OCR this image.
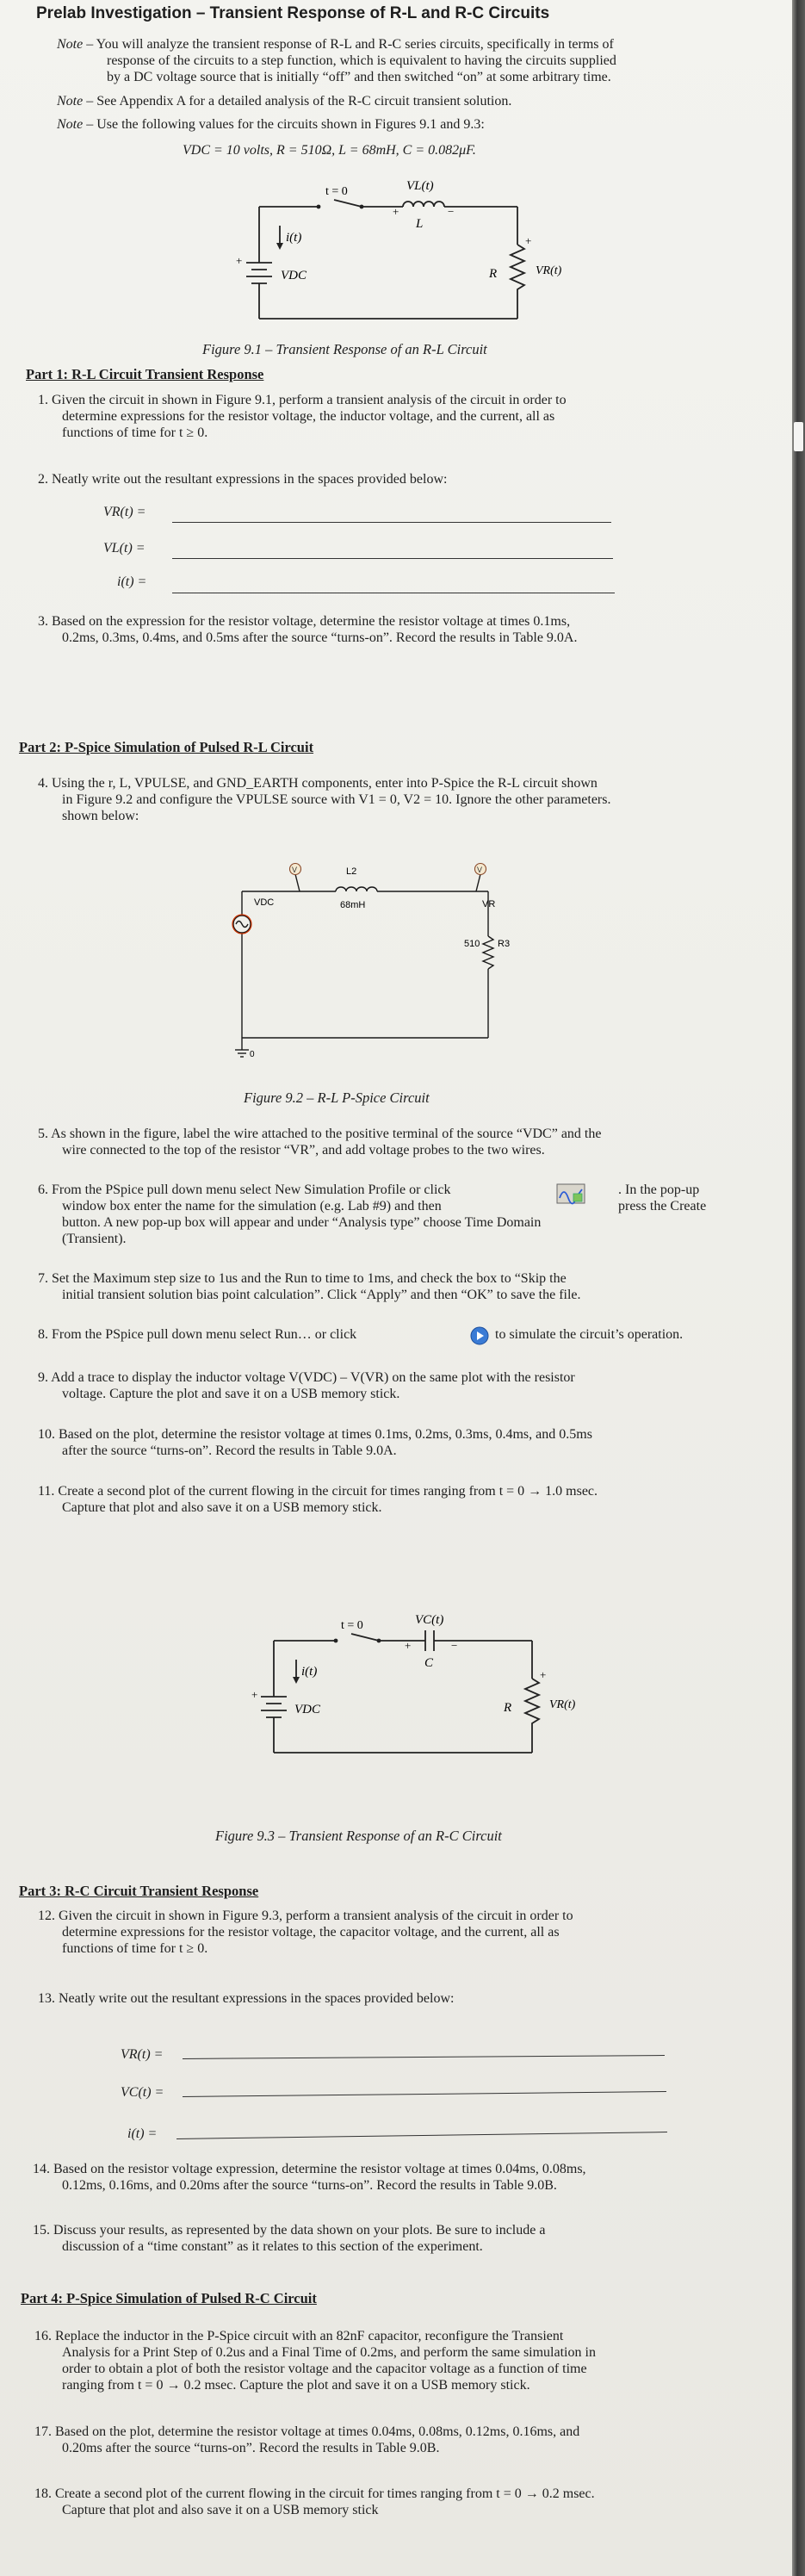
Prelab Investigation – Transient Response of R-L and R-C Circuits

Note – You will analyze the transient response of R-L and R-C series circuits, specifically in terms of

response of the circuits to a step function, which is equivalent to having the circuits supplied

by a DC voltage source that is initially “off” and then switched “on” at some arbitrary time.

Note – See Appendix A for a detailed analysis of the R-C circuit transient solution.

Note – Use the following values for the circuits shown in Figures 9.1 and 9.3:

VDC = 10 volts, R = 510Ω, L = 68mH, C = 0.082μF.

t = 0	VL(t)
+	−
L
i(t)
+
VDC	R
+
VR(t)

Figure 9.1 – Transient Response of an R-L Circuit

Part 1: R-L Circuit Transient Response

1. Given the circuit in shown in Figure 9.1, perform a transient analysis of the circuit in order to

determine expressions for the resistor voltage, the inductor voltage, and the current, all as

functions of time for t ≥ 0.

2. Neatly write out the resultant expressions in the spaces provided below:

VR(t) =

VL(t) =

i(t) =

3. Based on the expression for the resistor voltage, determine the resistor voltage at times 0.1ms,

0.2ms, 0.3ms, 0.4ms, and 0.5ms after the source “turns-on”. Record the results in Table 9.0A.

Part 2: P-Spice Simulation of Pulsed R-L Circuit

4. Using the r, L, VPULSE, and GND_EARTH components, enter into P-Spice the R-L circuit shown

in Figure 9.2 and configure the VPULSE source with V1 = 0, V2 = 10. Ignore the other parameters.

shown below:

V	V
VDC
L2
68mH	VR
510 R3
0

Figure 9.2 – R-L P-Spice Circuit

5. As shown in the figure, label the wire attached to the positive terminal of the source “VDC” and the

wire connected to the top of the resistor “VR”, and add voltage probes to the two wires.

6. From the PSpice pull down menu select New Simulation Profile or click	. In the pop-up

window box enter the name for the simulation (e.g. Lab #9) and then	press the Create

button. A new pop-up box will appear and under “Analysis type” choose Time Domain

(Transient).

7. Set the Maximum step size to 1us and the Run to time to 1ms, and check the box to “Skip the

initial transient solution bias point calculation”. Click “Apply” and then “OK” to save the file.

8. From the PSpice pull down menu select Run… or click	to simulate the circuit’s operation.

9. Add a trace to display the inductor voltage V(VDC) – V(VR) on the same plot with the resistor

voltage. Capture the plot and save it on a USB memory stick.

10. Based on the plot, determine the resistor voltage at times 0.1ms, 0.2ms, 0.3ms, 0.4ms, and 0.5ms

after the source “turns-on”. Record the results in Table 9.0A.

11. Create a second plot of the current flowing in the circuit for times ranging from t = 0 → 1.0 msec.

Capture that plot and also save it on a USB memory stick.

t = 0	VC(t)
+	−
C
i(t)
+
VDC	R
+
VR(t)

Figure 9.3 – Transient Response of an R-C Circuit

Part 3: R-C Circuit Transient Response

12. Given the circuit in shown in Figure 9.3, perform a transient analysis of the circuit in order to

determine expressions for the resistor voltage, the capacitor voltage, and the current, all as

functions of time for t ≥ 0.

13. Neatly write out the resultant expressions in the spaces provided below:

VR(t) =

VC(t) =

i(t) =

14. Based on the resistor voltage expression, determine the resistor voltage at times 0.04ms, 0.08ms,

0.12ms, 0.16ms, and 0.20ms after the source “turns-on”. Record the results in Table 9.0B.

15. Discuss your results, as represented by the data shown on your plots. Be sure to include a

discussion of a “time constant” as it relates to this section of the experiment.

Part 4: P-Spice Simulation of Pulsed R-C Circuit

16. Replace the inductor in the P-Spice circuit with an 82nF capacitor, reconfigure the Transient

Analysis for a Print Step of 0.2us and a Final Time of 0.2ms, and perform the same simulation in

order to obtain a plot of both the resistor voltage and the capacitor voltage as a function of time

ranging from t = 0 → 0.2 msec. Capture the plot and save it on a USB memory stick.

17. Based on the plot, determine the resistor voltage at times 0.04ms, 0.08ms, 0.12ms, 0.16ms, and

0.20ms after the source “turns-on”. Record the results in Table 9.0B.

18. Create a second plot of the current flowing in the circuit for times ranging from t = 0 → 0.2 msec.

Capture that plot and also save it on a USB memory stick
